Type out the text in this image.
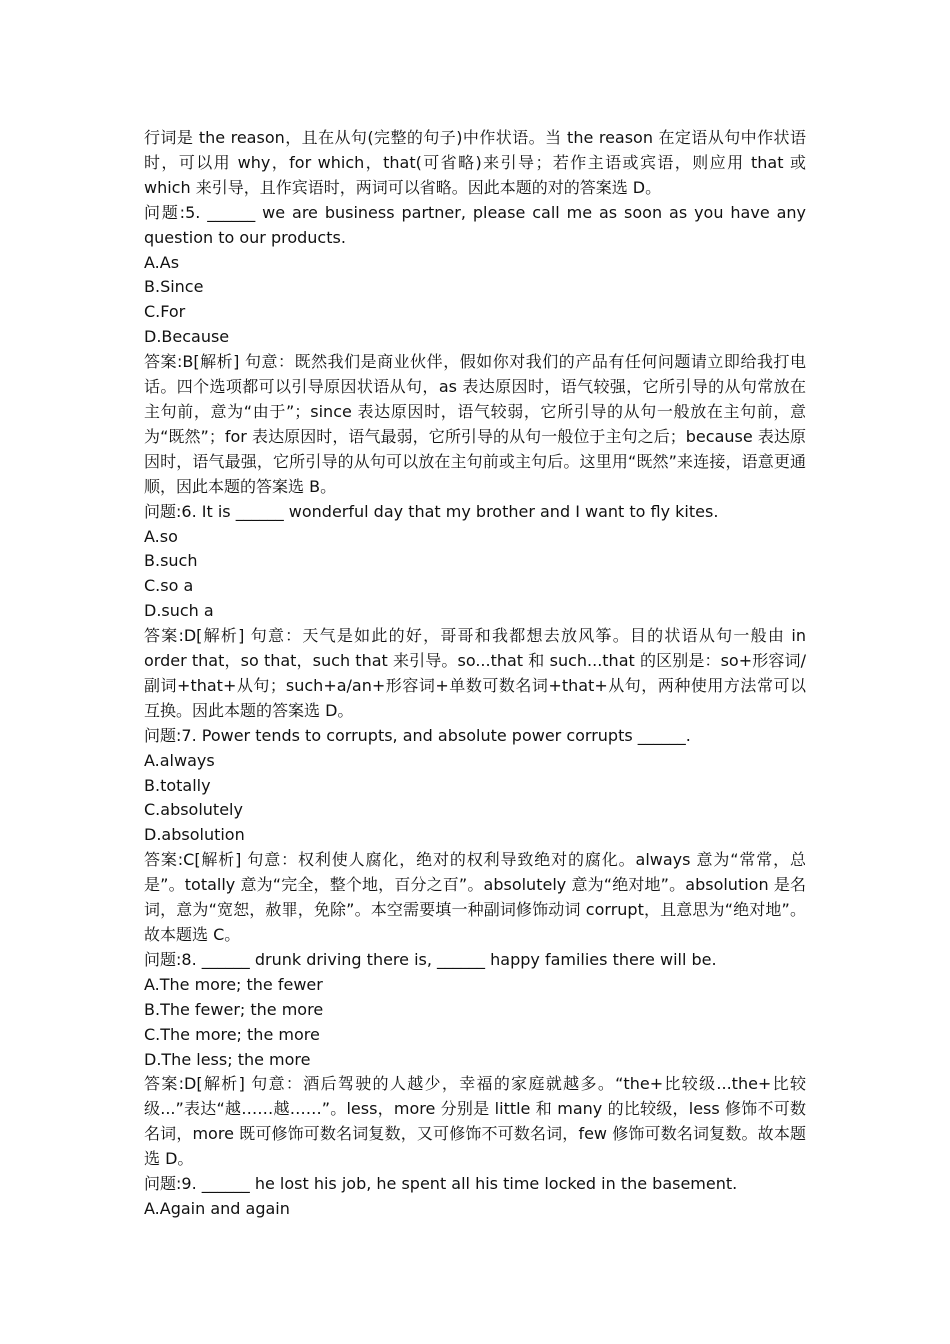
行词是 the reason，且在从句(完整的句子)中作状语。当 the reason 在定语从句中作状语时，可以用 why，for which，that(可省略)来引导；若作主语或宾语，则应用 that 或 which 来引导，且作宾语时，两词可以省略。因此本题的对的答案选 D。

问题:5. ______ we are business partner, please call me as soon as you have any question to our products.

A.As
B.Since
C.For
D.Because

答案:B[解析] 句意：既然我们是商业伙伴，假如你对我们的产品有任何问题请立即给我打电话。四个选项都可以引导原因状语从句，as 表达原因时，语气较强，它所引导的从句常放在主句前，意为“由于”；since 表达原因时，语气较弱，它所引导的从句一般放在主句前，意为“既然”；for 表达原因时，语气最弱，它所引导的从句一般位于主句之后；because 表达原因时，语气最强，它所引导的从句可以放在主句前或主句后。这里用“既然”来连接，语意更通顺，因此本题的答案选 B。

问题:6. It is ______ wonderful day that my brother and I want to fly kites.

A.so
B.such
C.so a
D.such a

答案:D[解析] 句意：天气是如此的好，哥哥和我都想去放风筝。目的状语从句一般由 in order that，so that，such that 来引导。so...that 和 such...that 的区别是：so+形容词/副词+that+从句；such+a/an+形容词+单数可数名词+that+从句，两种使用方法常可以互换。因此本题的答案选 D。

问题:7. Power tends to corrupts, and absolute power corrupts ______.

A.always
B.totally
C.absolutely
D.absolution

答案:C[解析] 句意：权利使人腐化，绝对的权利导致绝对的腐化。always 意为“常常，总是”。totally 意为“完全，整个地，百分之百”。absolutely 意为“绝对地”。absolution 是名词，意为“宽恕，赦罪，免除”。本空需要填一种副词修饰动词 corrupt，且意思为“绝对地”。故本题选 C。

问题:8. ______ drunk driving there is, ______ happy families there will be.

A.The more; the fewer
B.The fewer; the more
C.The more; the more
D.The less; the more

答案:D[解析] 句意：酒后驾驶的人越少，幸福的家庭就越多。“the+比较级...the+比较级...”表达“越……越……”。less，more 分别是 little 和 many 的比较级，less 修饰不可数名词，more 既可修饰可数名词复数，又可修饰不可数名词，few 修饰可数名词复数。故本题选 D。

问题:9. ______ he lost his job, he spent all his time locked in the basement.

A.Again and again
